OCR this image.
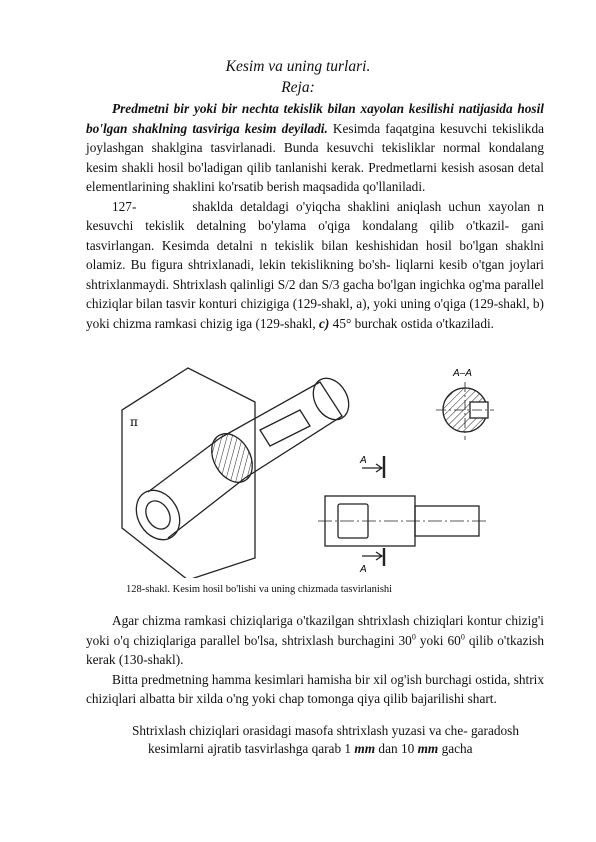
Kesim va uning turlari.
Reja:

Predmetni bir yoki bir nechta tekislik bilan xayolan kesilishi natijasida hosil bo'lgan shaklning tasviriga kesim deyiladi. Kesimda faqatgina kesuvchi tekislikda joylashgan shaklgina tasvirlanadi. Bunda kesuvchi tekisliklar normal kondalang kesim shakli hosil bo'ladigan qilib tanlanishi kerak. Predmetlarni kesish asosan detal elementlarining shaklini ko'rsatib berish maqsadida qo'llaniladi.

127-	shaklda detaldagi o'yiqcha shaklini aniqlash uchun xayolan n kesuvchi tekislik detalning bo'ylama o'qiga kondalang qilib o'tkazil- gani tasvirlangan. Kesimda detalni n tekislik bilan keshishidan hosil bo'lgan shaklni olamiz. Bu figura shtrixlanadi, lekin tekislikning bo'sh- liqlarni kesib o'tgan joylari shtrixlanmaydi. Shtrixlash qalinligi S/2 dan S/3 gacha bo'lgan ingichka og'ma parallel chiziqlar bilan tasvir konturi chizigiga (129-shakl, a), yoki uning o'qiga (129-shakl, b) yoki chizma ramkasi chizig iga (129-shakl, c) 45° burchak ostida o'tkaziladi.

π
A–A
A
A
128-shakl. Kesim hosil bo'lishi va uning chizmada tasvirlanishi

Agar chizma ramkasi chiziqlariga o'tkazilgan shtrixlash chiziqlari kontur chizig'i yoki o'q chiziqlariga parallel bo'lsa, shtrixlash burchagini $30^0$ yoki $60^0$ qilib o'tkazish kerak (130-shakl).

Bitta predmetning hamma kesimlari hamisha bir xil og'ish burchagi ostida, shtrix chiziqlari albatta bir xilda o'ng yoki chap tomonga qiya qilib bajarilishi shart.

Shtrixlash chiziqlari orasidagi masofa shtrixlash yuzasi va che- garadosh
kesimlarni ajratib tasvirlashga qarab 1 mm dan 10 mm gacha
